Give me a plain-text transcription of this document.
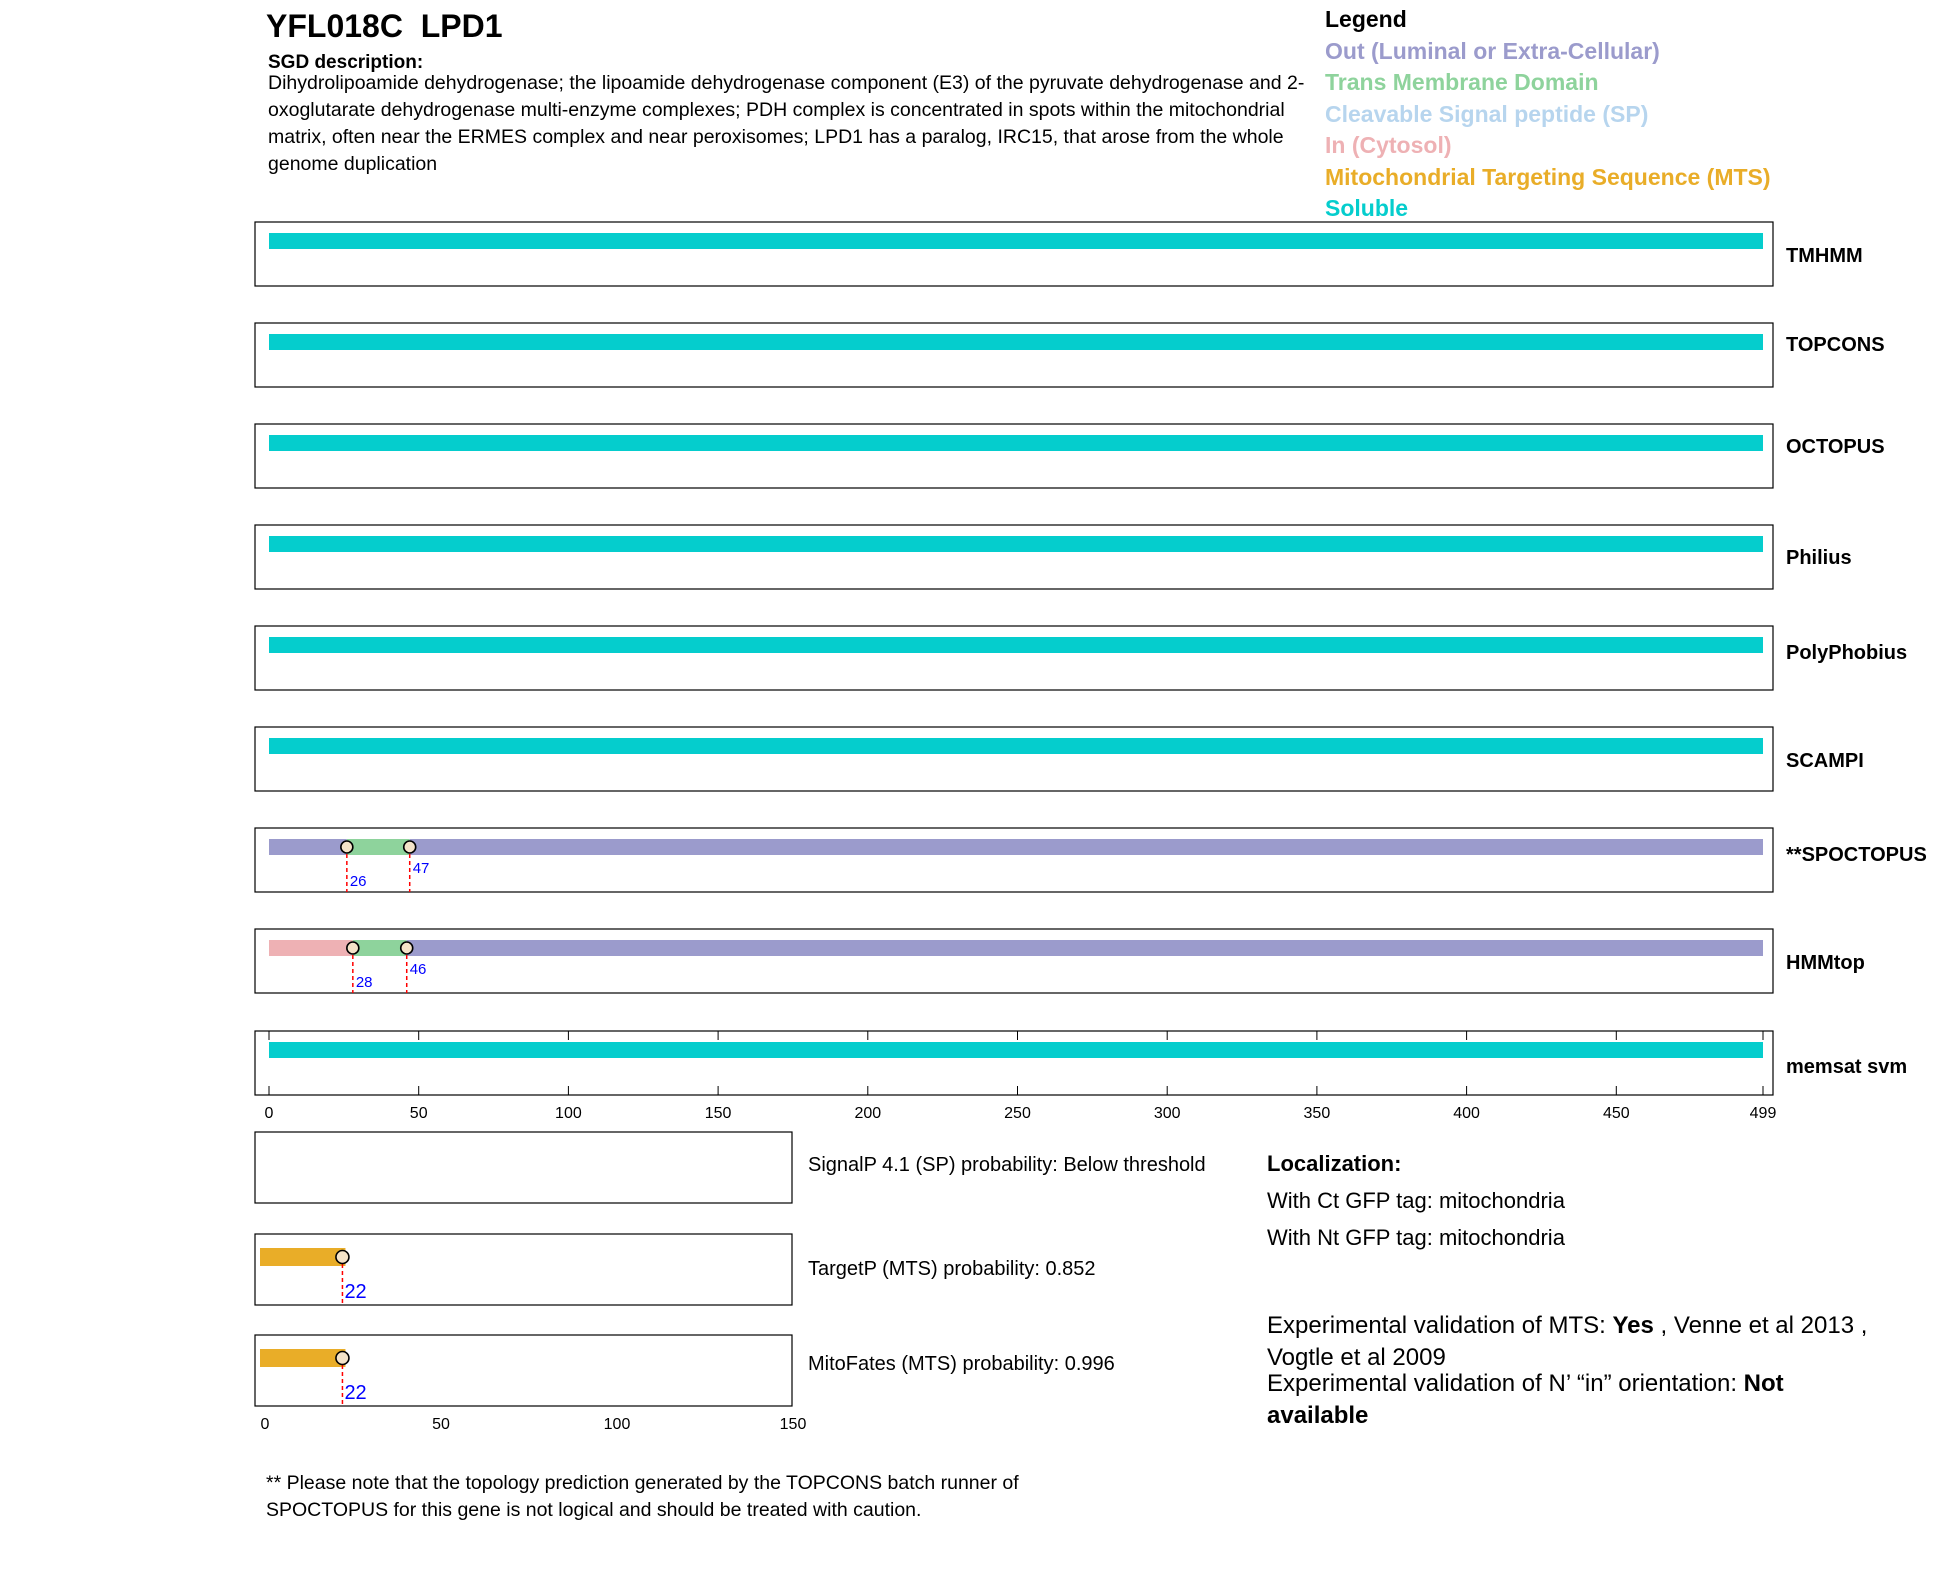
YFL018C  LPD1
SGD description:
Dihydrolipoamide dehydrogenase; the lipoamide dehydrogenase component (E3) of the pyruvate dehydrogenase and 2-oxoglutarate dehydrogenase multi-enzyme complexes; PDH complex is concentrated in spots within the mitochondrial matrix, often near the ERMES complex and near peroxisomes; LPD1 has a paralog, IRC15, that arose from the whole genome duplication
Legend
Out (Luminal or Extra-Cellular)
Trans Membrane Domain
Cleavable Signal peptide (SP)
In (Cytosol)
Mitochondrial Targeting Sequence (MTS)
Soluble
TMHMM
TOPCONS
OCTOPUS
Philius
PolyPhobius
SCAMPI
26
47
**SPOCTOPUS
28
46	HMMtop
memsat svm
0	50	100	150	200	250	300	350	400	450	499
22
22
0	50	100	150
SignalP 4.1 (SP) probability: Below threshold
TargetP (MTS) probability: 0.852
MitoFates (MTS) probability: 0.996
Localization:
With Ct GFP tag: mitochondria
With Nt GFP tag: mitochondria
Experimental validation of MTS: Yes , Venne et al 2013 , Vogtle et al 2009
Experimental validation of N’ “in” orientation: Not available
** Please note that the topology prediction generated by the TOPCONS batch runner of SPOCTOPUS for this gene is not logical and should be treated with caution.
